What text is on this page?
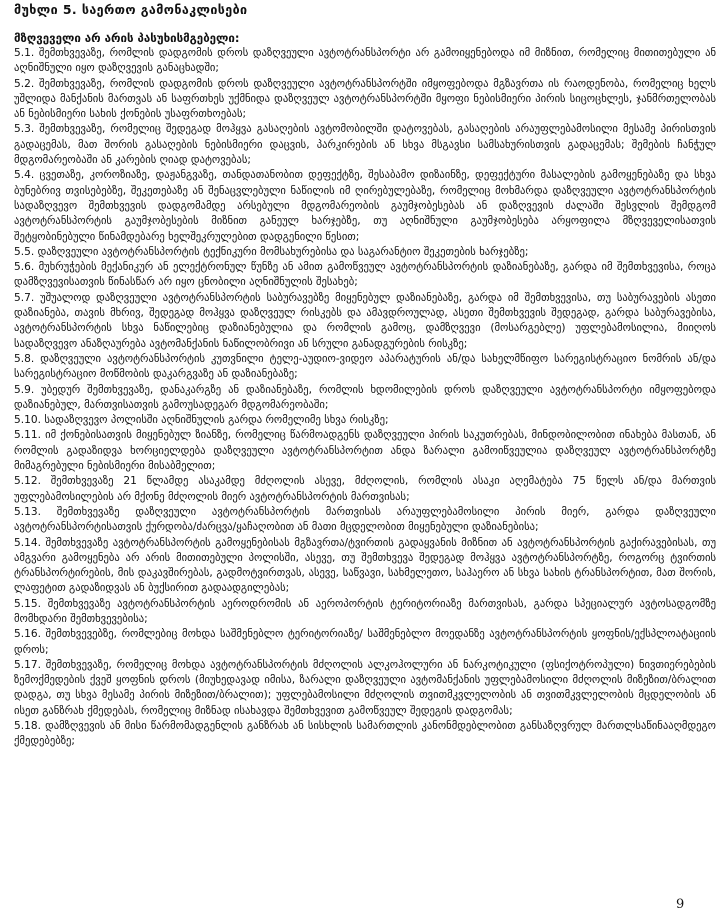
მუხლი 5. საერთო გამონაკლისები
მზღვეველი არ არის პასუხისმგებელი:

5.1. შემთხვევაზე, რომლის დადგომის დროს დაზღვეული ავტოტრანსპორტი არ გამოიყენებოდა იმ მიზნით, რომელიც მითითებული ან აღნიშნული იყო დაზღვევის განაცხადში;

5.2. შემთხვევაზე, რომლის დადგომის დროს დაზღვეული ავტოტრანსპორტში იმყოფებოდა მგზავრთა ის რაოდენობა, რომელიც ხელს უშლიდა მანქანის მართვას ან საფრთხეს უქმნიდა დაზღვეულ ავტოტრანსპორტში მყოფი ნებისმიერი პირის სიცოცხლეს, ჯანმრთელობას ან ნებისმიერი სახის ქონების უსაფრთხოებას;

5.3. შემთხვევაზე, რომელიც შედეგად მოჰყვა გასაღების ავტომობილში დატოვებას, გასაღების არაუფლებამოსილი მესამე პირისთვის გადაცემას, მათ შორის გასაღების ნებისმიერი დაცვის, პარკირების ან სხვა მსგავსი სამსახურისთვის გადაცემას; შემების ჩანჭულ მდგომარეობაში ან კარების ღიად დატოვებას;

5.4. ცვეთაზე, კოროზიაზე, დაჟანგვაზე, თანდათანობით დეფექტზე, შესაბამო დიზაინზე, დეფექტური მასალების გამოყენებაზე და სხვა ბუნებრივ თვისებებზე, შეკეთებაზე ან შენაცვლებული ნაწილის იმ ღირებულებაზე, რომელიც მოხმარდა დაზღვეული ავტოტრანსპორტის სადაზღვევო შემთხვევის დადგომამდე არსებული მდგომარეობის გაუმჯობესებას ან დაზღვევის ძალაში შესვლის შემდგომ ავტოტრანსპორტის გაუმჯობესების მიზნით განეულ ხარჯებზე, თუ აღნიშნული გაუმჯობესება არყოფილა მზღვეველისათვის შეტყობინებული წინამდებარე ხელშეკრულებით დადგენილი წესით;

5.5. დაზღვეული ავტოტრანსპორტის ტექნიკური მომსახურებისა და საგარანტიო შეკეთების ხარჯებზე;

5.6. მუხრუჭების მექანიკურ ან ელექტრონულ წუნზე ან ამით გამოწვეულ ავტოტრანსპორტის დაზიანებაზე, გარდა იმ შემთხვევისა, როცა დამზღვევისათვის წინასწარ არ იყო ცნობილი აღნიშნულის შესახებ;

5.7. უშუალოდ დაზღვეული ავტოტრანსპორტის საბურავებზე მიყენებულ დაზიანებაზე, გარდა იმ შემთხვევისა, თუ საბურავების ასეთი დაზიანება, თავის მხრივ, შედეგად მოჰყვა დაზღვეულ რისკებს და ამავდროულად, ასეთი შემთხვევის შედეგად, გარდა საბურავებისა, ავტოტრანსპორტის სხვა ნაწილებიც დაზიანებულია და რომლის გამოც, დამზღვევი (მოსარგებლე) უფლებამოსილია, მიიღოს სადაზღვევო ანაზღაურება ავტომანქანის ნაწილობრივი ან სრული განადგურების რისკზე;

5.8. დაზღვეული ავტოტრანსპორტის კუთვნილი ტელე-აუდიო-ვიდეო აპარატურის ან/და სახელმწიფო სარეგისტრაციო ნომრის ან/და სარეგისტრაციო მოწმობის დაკარგვაზე ან დაზიანებაზე;

5.9. უბედურ შემთხვევაზე, დანაკარგზე ან დაზიანებაზე, რომლის ხდომილების დროს დაზღვეული ავტოტრანსპორტი იმყოფებოდა დაზიანებულ, მართვისათვის გამოუსადეგარ მდგომარეობაში;

5.10. სადაზღვევო პოლისში აღნიშნულის გარდა რომელიმე სხვა რისკზე;

5.11. იმ ქონებისათვის მიყენებულ ზიანზე, რომელიც წარმოადგენს დაზღვეული პირის საკუთრებას, მინდობილობით ინახება მასთან, ან რომლის გადაზიდვა ხორციელდება დაზღვეული ავტოტრანსპორტით ანდა ზარალი გამოიწვეულია დაზღვეულ ავტოტრანსპორტზე მიმაგრებული ნებისმიერი მისაბმელით;

5.12. შემთხვევაზე 21 წლამდე ასაკამდე მძღოლის ასევე, მძღოლის, რომლის ასაკი აღემატება 75 წელს ან/და მართვის უფლებამოსილების არ მქონე მძღოლის მიერ ავტოტრანსპორტის მართვისას;

5.13. შემთხვევაზე დაზღვეული ავტოტრანსპორტის მართვისას არაუფლებამოსილი პირის მიერ, გარდა დაზღვეული ავტოტრანსპორტისათვის ქურდობა/ძარცვა/ყაჩაღობით ან მათი მცდელობით მიყენებული დაზიანებისა;

5.14. შემთხვევაზე ავტოტრანსპორტის გამოყენებისას მგზავრთა/ტვირთის გადაყვანის მიზნით ან ავტოტრანსპორტის გაქირავებისას, თუ ამგვარი გამოყენება არ არის მითითებული პოლისში, ასევე, თუ შემთხვევა შედეგად მოჰყვა ავტოტრანსპორტზე, როგორც ტვირთის ტრანსპორტირების, მის დაკავშირებას, გადმოტვირთვას, ასევე, საწვავი, სახმელეთო, საჰაერო ან სხვა სახის ტრანსპორტით, მათ შორის, ლაფეტით გადაზიდვას ან ბუქსირით გადაადგილებას;

5.15. შემთხვევაზე ავტოტრანსპორტის აეროდრომის ან აეროპორტის ტერიტორიაზე მართვისას, გარდა სპეციალურ ავტოსადგომზე მომხდარი შემთხვევებისა;

5.16. შემთხვევებზე, რომლებიც მოხდა საშმენებლო ტერიტორიაზე/ საშმენებლო მოედანზე ავტოტრანსპორტის ყოფნის/ექსპლოატაციის დროს;

5.17. შემთხვევაზე, რომელიც მოხდა ავტოტრანსპორტის მძღოლის ალკოჰოლური ან ნარკოტიკული (ფსიქოტროპული) ნივთიერებების ზემოქმედების ქვეშ ყოფნის დროს (მიუხედავად იმისა, ზარალი დაზღვეული ავტომანქანის უფლებამოსილი მძღოლის მიზეზით/ბრალით დადგა, თუ სხვა მესამე პირის მიზეზით/ბრალით); უფლებამოსილი მძღოლის თვითმკვლელობის ან თვითმკვლელობის მცდელობის ან ისეთ განზრახ ქმედებას, რომელიც მიზნად ისახავდა შემთხვევით გამოწვეულ შედეგის დადგომას;

5.18. დამზღვევის ან მისი წარმომადგენლის განზრახ ან სისხლის სამართლის კანონმდებლობით განსაზღვრულ მართლსაწინააღმდეგო ქმედებებზე;

9
